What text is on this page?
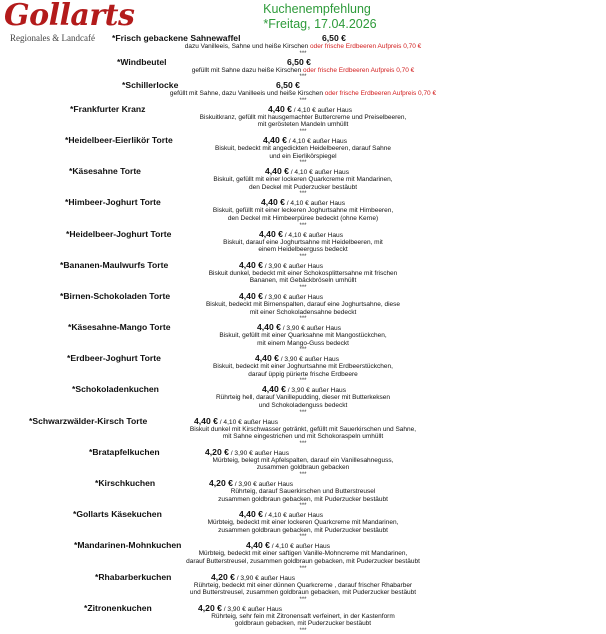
Gollarts
Regionales & Landcafé
Kuchenempfehlung
*Freitag, 17.04.2026
*Frisch gebackene Sahnewaffel	6,50 €
dazu Vanilleeis, Sahne und heiße Kirschen oder frische Erdbeeren Aufpreis 0,70 €
***
*Windbeutel	6,50 €
gefüllt mit Sahne dazu heiße Kirschen oder frische Erdbeeren Aufpreis 0,70 €
***
*Schillerlocke	6,50 €
gefüllt mit Sahne, dazu Vanilleeis und heiße Kirschen oder frische Erdbeeren Aufpreis 0,70 €
***
*Frankfurter Kranz	4,40 € / 4,10 € außer Haus
Biskuitkranz, gefüllt mit hausgemachter Buttercreme und Preiselbeeren,
mit gerösteten Mandeln umhüllt
***
*Heidelbeer-Eierlikör Torte	4,40 € / 4,10 € außer Haus
Biskuit, bedeckt mit angedickten Heidelbeeren, darauf Sahne
und ein Eierlikörspiegel
***
*Käsesahne Torte	4,40 € / 4,10 € außer Haus
Biskuit, gefüllt mit einer lockeren Quarkcreme mit Mandarinen,
den Deckel mit Puderzucker bestäubt
***
*Himbeer-Joghurt Torte	4,40 € / 4,10 € außer Haus
Biskuit, gefüllt mit einer leckeren Joghurtsahne mit Himbeeren,
den Deckel mit Himbeerpüree bedeckt (ohne Kerne)
***
*Heidelbeer-Joghurt Torte	4,40 € / 4,10 € außer Haus
Biskuit, darauf eine Joghurtsahne mit Heidelbeeren, mit
einem Heidelbeerguss bedeckt
***
*Bananen-Maulwurfs Torte	4,40 € / 3,90 € außer Haus
Biskuit dunkel, bedeckt mit einer Schokosplittersahne mit frischen
Bananen, mit Gebäckbröseln umhüllt
***
*Birnen-Schokoladen Torte	4,40 € / 3,90 € außer Haus
Biskuit, bedeckt mit Birnenspalten, darauf eine Joghurtsahne, diese
mit einer Schokoladensahne bedeckt
***
*Käsesahne-Mango Torte	4,40 € / 3,90 € außer Haus
Biskuit, gefüllt mit einer Quarksahne mit Mangostückchen,
mit einem Mango-Guss bedeckt
***
*Erdbeer-Joghurt Torte	4,40 € / 3,90 € außer Haus
Biskuit, bedeckt mit einer Joghurtsahne mit Erdbeerstückchen,
darauf üppig pürierte frische Erdbeere
***
*Schokoladenkuchen	4,40 € / 3,90 € außer Haus
Rührteig hell, darauf Vanillepudding, dieser mit Butterkeksen
und Schokoladenguss bedeckt
***
*Schwarzwälder-Kirsch Torte	4,40 € / 4,10 € außer Haus
Biskuit dunkel mit Kirschwasser getränkt, gefüllt mit Sauerkirschen und Sahne,
mit Sahne eingestrichen und mit Schokoraspeln umhüllt
***
*Bratapfelkuchen	4,20 € / 3,90 € außer Haus
Mürbteig, belegt mit Apfelspalten, darauf ein Vanillesahneguss,
zusammen goldbraun gebacken
***
*Kirschkuchen	4,20 € / 3,90 € außer Haus
Rührteig, darauf Sauerkirschen und Butterstreusel
zusammen goldbraun gebacken, mit Puderzucker bestäubt
***
*Gollarts Käsekuchen	4,40 € / 4,10 € außer Haus
Mürbteig, bedeckt mit einer lockeren Quarkcreme mit Mandarinen,
zusammen goldbraun gebacken, mit Puderzucker bestäubt
***
*Mandarinen-Mohnkuchen	4,40 € / 4,10 € außer Haus
Mürbteig, bedeckt mit einer saftigen Vanille-Mohncreme mit Mandarinen,
darauf Butterstreusel, zusammen goldbraun gebacken, mit Puderzucker bestäubt
***
*Rhabarberkuchen	4,20 € / 3,90 € außer Haus
Rührteig, bedeckt mit einer dünnen Quarkcreme , darauf frischer Rhabarber
und Butterstreusel, zusammen goldbraun gebacken, mit Puderzucker bestäubt
***
*Zitronenkuchen	4,20 € / 3,90 € außer Haus
Rührteig, sehr fein mit Zitronensaft verfeinert, in der Kastenform
goldbraun gebacken, mit Puderzucker bestäubt
***
